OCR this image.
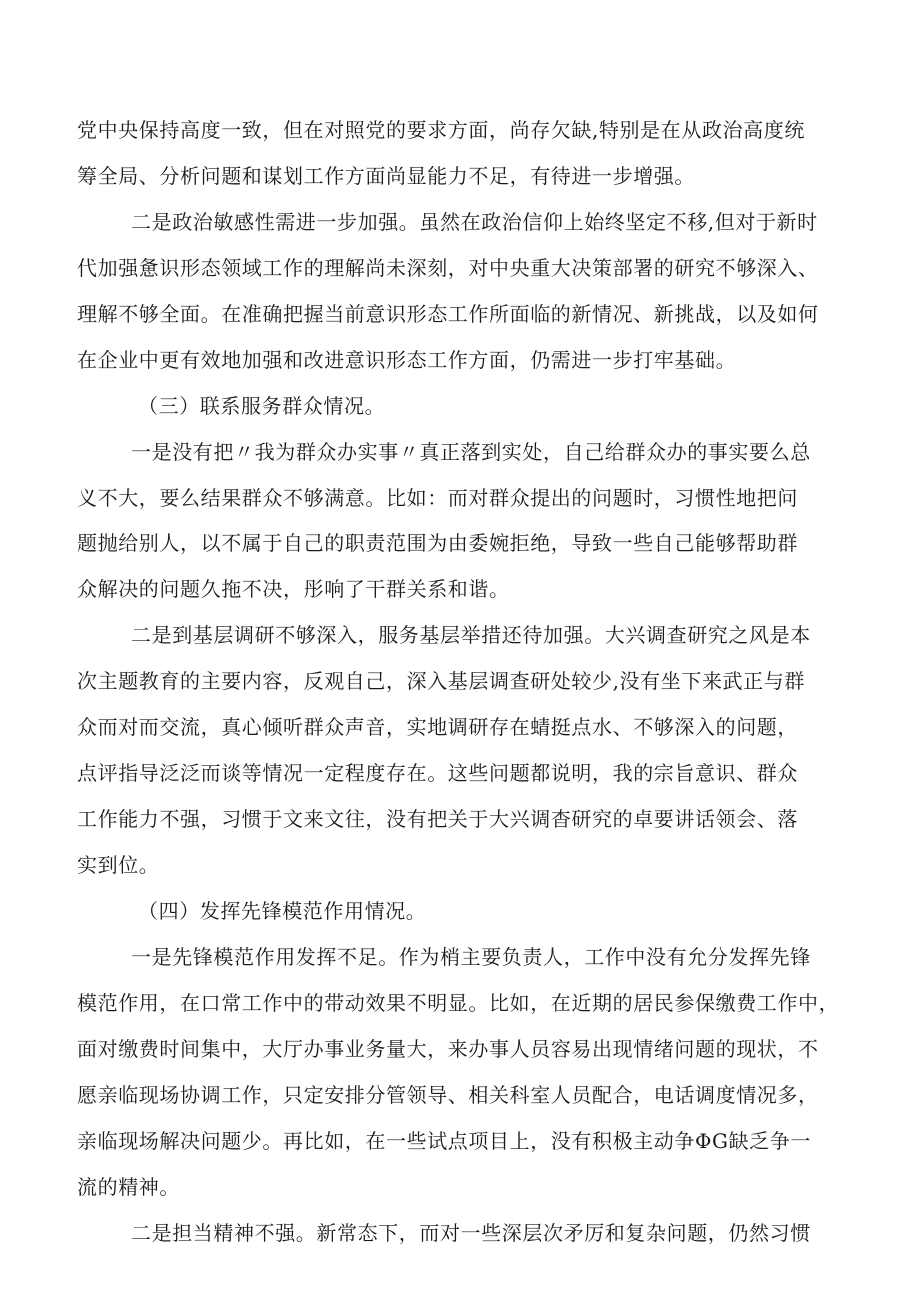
党中央保持高度一致，但在对照党的要求方面，尚存欠缺,特别是在从政治高度统
筹全局、分析问题和谋划工作方面尚显能力不足，有待进一步增强。
二是政治敏感性需进一步加强。虽然在政治信仰上始终坚定不移,但对于新时
代加强惫识形态领域工作的理解尚未深刻，对中央重大决策部署的研究不够深入、
理解不够全面。在准确把握当前意识形态工作所面临的新情况、新挑战，以及如何
在企业中更有效地加强和改进意识形态工作方面，仍需进一步打牢基础。
（三）联系服务群众情况。
一是没有把〃我为群众办实事〃真正落到实处，自己给群众办的事实要么总
义不大，要么结果群众不够满意。比如：而对群众提出的问题时，习惯性地把问
题抛给别人，以不属于自己的职责范围为由委婉拒绝，导致一些自己能够帮助群
众解决的问题久拖不决，彤响了干群关系和谐。
二是到基层调研不够深入，服务基层举措还待加强。大兴调查研究之风是本
次主题教育的主要内容，反观自己，深入基层调查研处较少,没有坐下来武正与群
众而对而交流，真心倾听群众声音，实地调研存在蜻挺点水、不够深入的问题，
点评指导泛泛而谈等情况一定程度存在。这些问题都说明，我的宗旨意识、群众
工作能力不强，习惯于文来文往，没有把关于大兴调杳研究的卓要讲话领会、落
实到位。
（四）发挥先锋模范作用情况。
一是先锋模范作用发挥不足。作为梢主要负责人，工作中没有允分发挥先锋
模范作用，在口常工作中的带动效果不明显。比如，在近期的居民参保缴费工作中，
面对缴费时间集中，大厅办事业务量大，来办事人员容易出现情绪问题的现状，不
愿亲临现场协调工作，只定安排分管领导、相关科室人员配合，电话调度情况多，
亲临现场解决问题少。再比如，在一些试点项目上，没有积极主动争ΦG缺乏争一
流的精神。
二是担当精神不强。新常态下，而对一些深层次矛厉和复杂问题，仍然习惯
